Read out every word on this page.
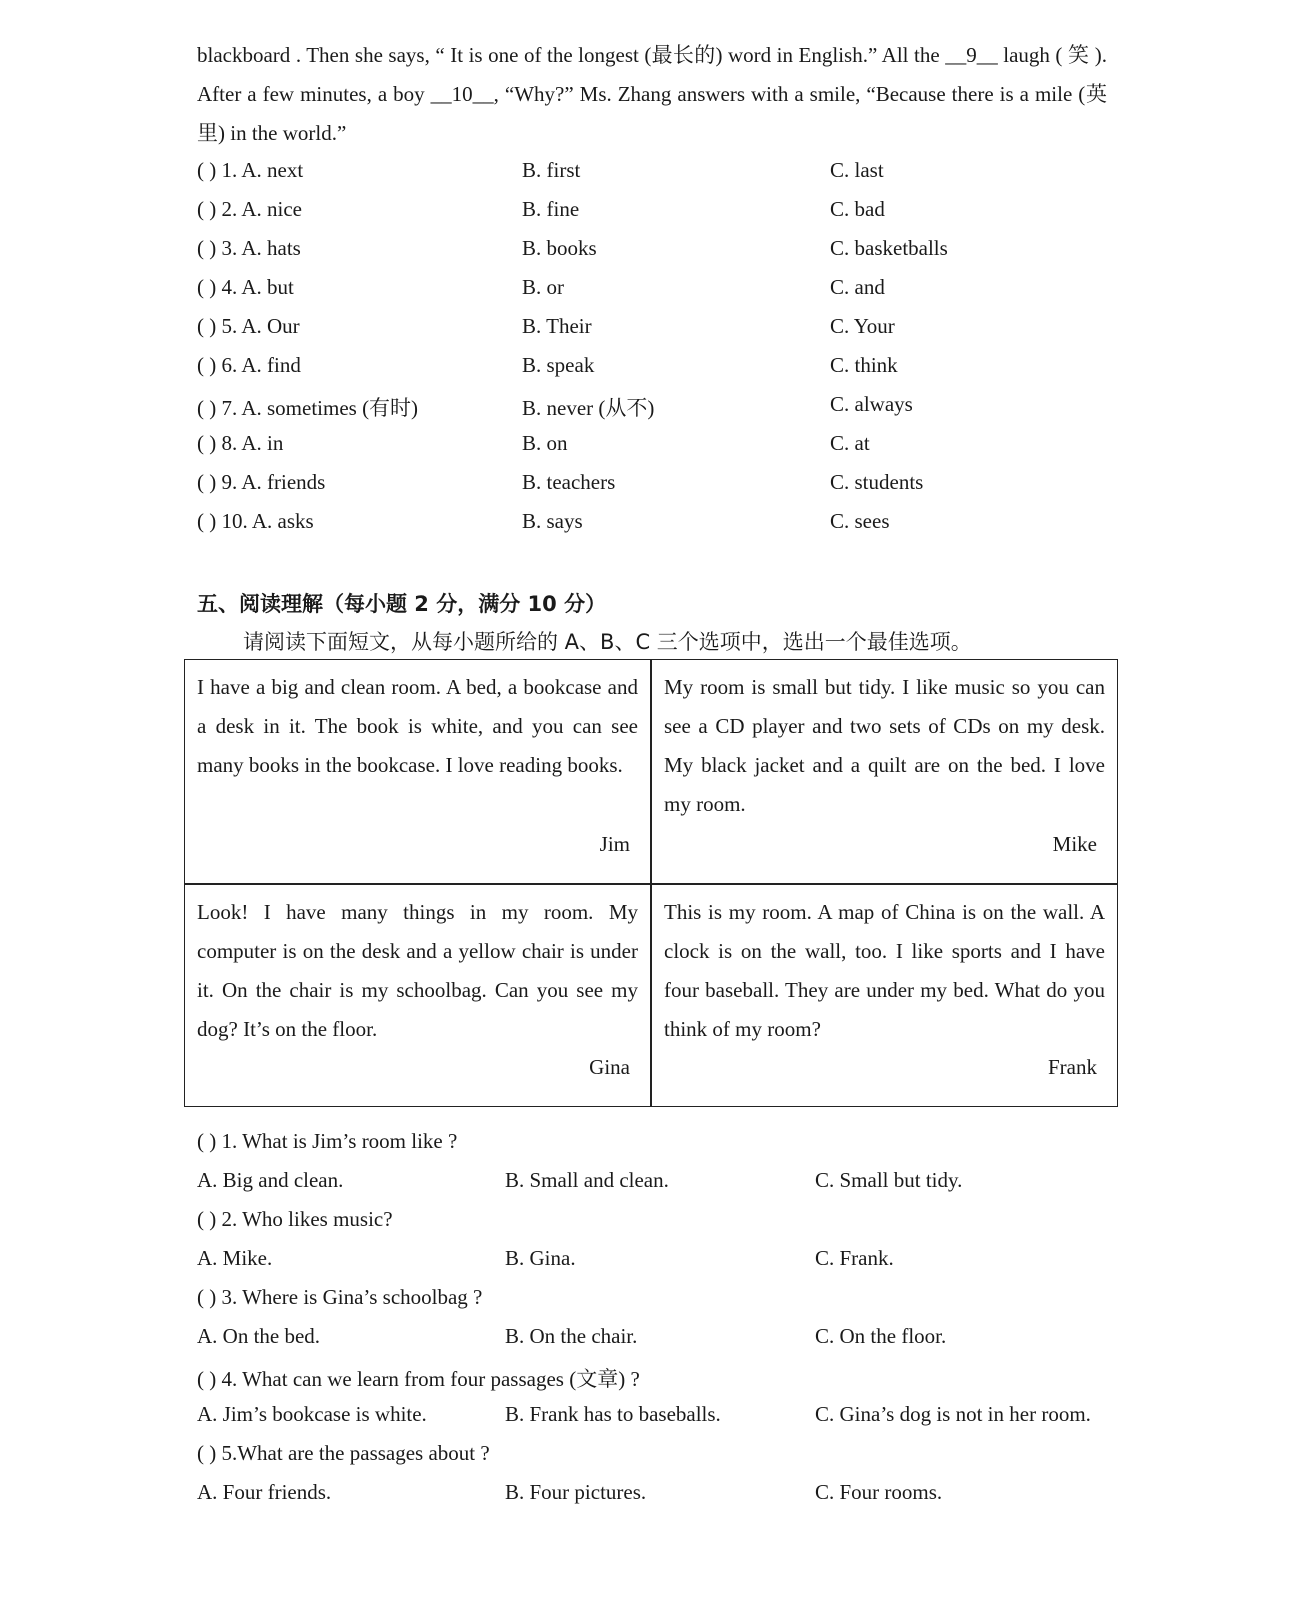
blackboard . Then she says, “ It is one of the longest (最长的) word in English.” All the __9__ laugh ( 笑 ). After a few minutes, a boy __10__, “Why?” Ms. Zhang answers with a smile, “Because there is a mile (英里) in the world.”

( ) 1. A. next	B. first	C. last
( ) 2. A. nice	B. fine	C. bad
( ) 3. A. hats	B. books	C. basketballs
( ) 4. A. but	B. or	C. and
( ) 5. A. Our	B. Their	C. Your
( ) 6. A. find	B. speak	C. think
( ) 7. A. sometimes (有时)	B. never (从不)	C. always
( ) 8. A. in	B. on	C. at
( ) 9. A. friends	B. teachers	C. students
( ) 10. A. asks	B. says	C. sees
五、阅读理解（每小题 2 分，满分 10 分）
请阅读下面短文，从每小题所给的 A、B、C 三个选项中，选出一个最佳选项。
I have a big and clean room. A bed, a bookcase and a desk in it. The book is white, and you can see many books in the bookcase. I love reading books.
Jim
My room is small but tidy. I like music so you can see a CD player and two sets of CDs on my desk. My black jacket and a quilt are on the bed. I love my room.
Mike
Look! I have many things in my room. My computer is on the desk and a yellow chair is under it. On the chair is my schoolbag. Can you see my dog? It’s on the floor.
Gina
This is my room. A map of China is on the wall. A clock is on the wall, too. I like sports and I have four baseball. They are under my bed. What do you think of my room?
Frank
( ) 1. What is Jim’s room like ?
A. Big and clean.	B. Small and clean.	C. Small but tidy.
( ) 2. Who likes music?
A. Mike.	B. Gina.	C. Frank.
( ) 3. Where is Gina’s schoolbag ?
A. On the bed.	B. On the chair.	C. On the floor.
( ) 4. What can we learn from four passages (文章) ?
A. Jim’s bookcase is white.	B. Frank has to baseballs.	C. Gina’s dog is not in her room.
( ) 5.What are the passages about ?
A. Four friends.	B. Four pictures.	C. Four rooms.
